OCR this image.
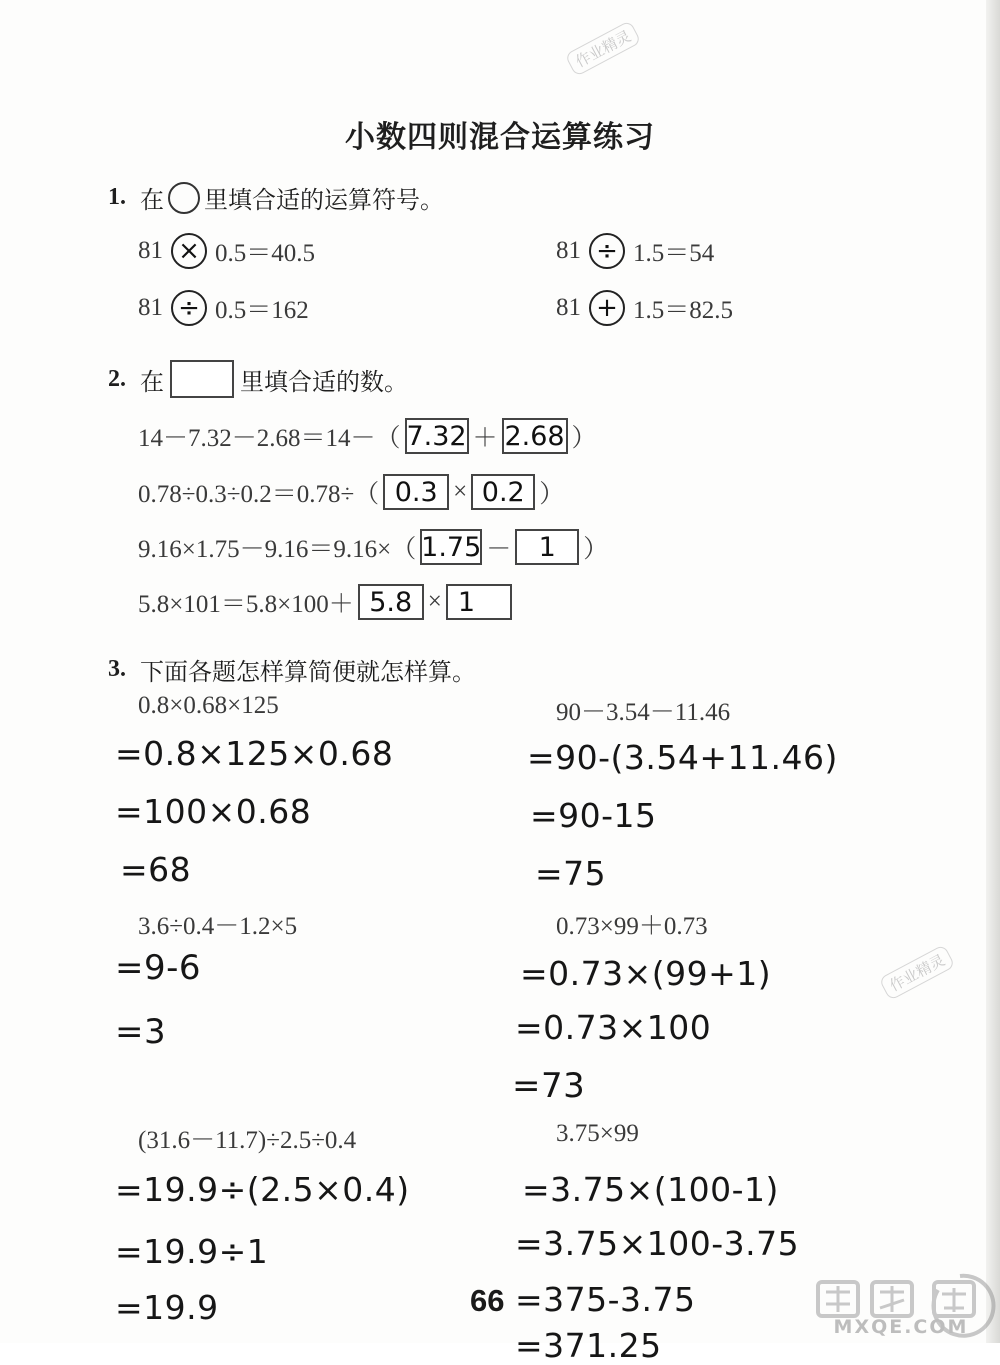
作业精灵
作业精灵
小数四则混合运算练习
1. 在 里填合适的运算符号。
81 × 0.5＝40.5	81 ÷ 1.5＝54
81 ÷ 0.5＝162	81 + 1.5＝82.5
2. 在	里填合适的数。
14－7.32－2.68＝14－（ 7.32 ＋ 2.68 ）
0.78÷0.3÷0.2＝0.78÷（ 0.3 × 0.2 ）
9.16×1.75－9.16＝9.16×（ 1.75 －	1	）
5.8×101＝5.8×100＋ 5.8 × 1
3. 下面各题怎样算简便就怎样算。
0.8×0.68×125
=0.8×125×0.68
=100×0.68
=68
90－3.54－11.46
=90-(3.54+11.46)
=90-15
=75
3.6÷0.4－1.2×5
=9-6
=3
0.73×99＋0.73
=0.73×(99+1)
=0.73×100
=73
(31.6－11.7)÷2.5÷0.4
=19.9÷(2.5×0.4)
=19.9÷1
=19.9
3.75×99
=3.75×(100-1)
=3.75×100-3.75
=375-3.75
=371.25
66
MXQE.COM
